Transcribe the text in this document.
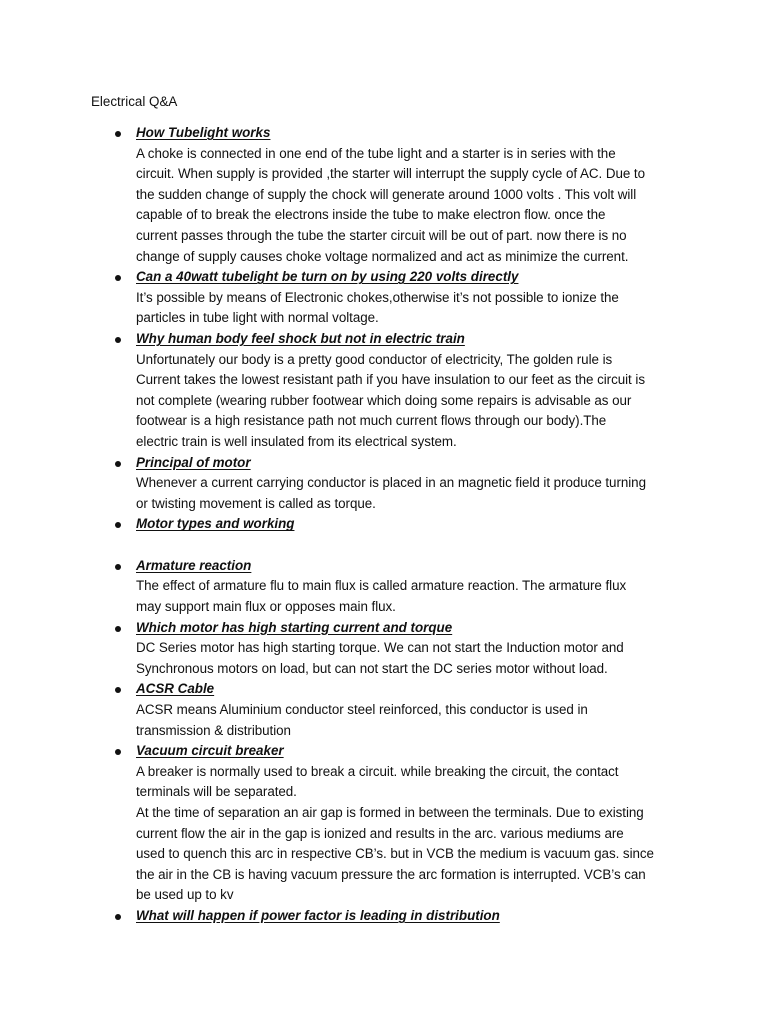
Electrical Q&A
How Tubelight works
A choke is connected in one end of the tube light and a starter is in series with the
circuit. When supply is provided ,the starter will interrupt the supply cycle of AC. Due to
the sudden change of supply the chock will generate around 1000 volts . This volt will
capable of to break the electrons inside the tube to make electron flow. once the
current passes through the tube the starter circuit will be out of part. now there is no
change of supply causes choke voltage normalized and act as minimize the current.
Can a 40watt tubelight be turn on by using 220 volts directly
It’s possible by means of Electronic chokes,otherwise it’s not possible to ionize the
particles in tube light with normal voltage.
Why human body feel shock but not in electric train
Unfortunately our body is a pretty good conductor of electricity, The golden rule is
Current takes the lowest resistant path if you have insulation to our feet as the circuit is
not complete (wearing rubber footwear which doing some repairs is advisable as our
footwear is a high resistance path not much current flows through our body).The
electric train is well insulated from its electrical system.
Principal of motor
Whenever a current carrying conductor is placed in an magnetic field it produce turning
or twisting movement is called as torque.
Motor types and working
Armature reaction
The effect of armature flu to main flux is called armature reaction. The armature flux
may support main flux or opposes main flux.
Which motor has high starting current and torque
DC Series motor has high starting torque. We can not start the Induction motor and
Synchronous motors on load, but can not start the DC series motor without load.
ACSR Cable
ACSR means Aluminium conductor steel reinforced, this conductor is used in
transmission & distribution
Vacuum circuit breaker
A breaker is normally used to break a circuit. while breaking the circuit, the contact
terminals will be separated.
At the time of separation an air gap is formed in between the terminals. Due to existing
current flow the air in the gap is ionized and results in the arc. various mediums are
used to quench this arc in respective CB’s. but in VCB the medium is vacuum gas. since
the air in the CB is having vacuum pressure the arc formation is interrupted. VCB’s can
be used up to kv
What will happen if power factor is leading in distribution
